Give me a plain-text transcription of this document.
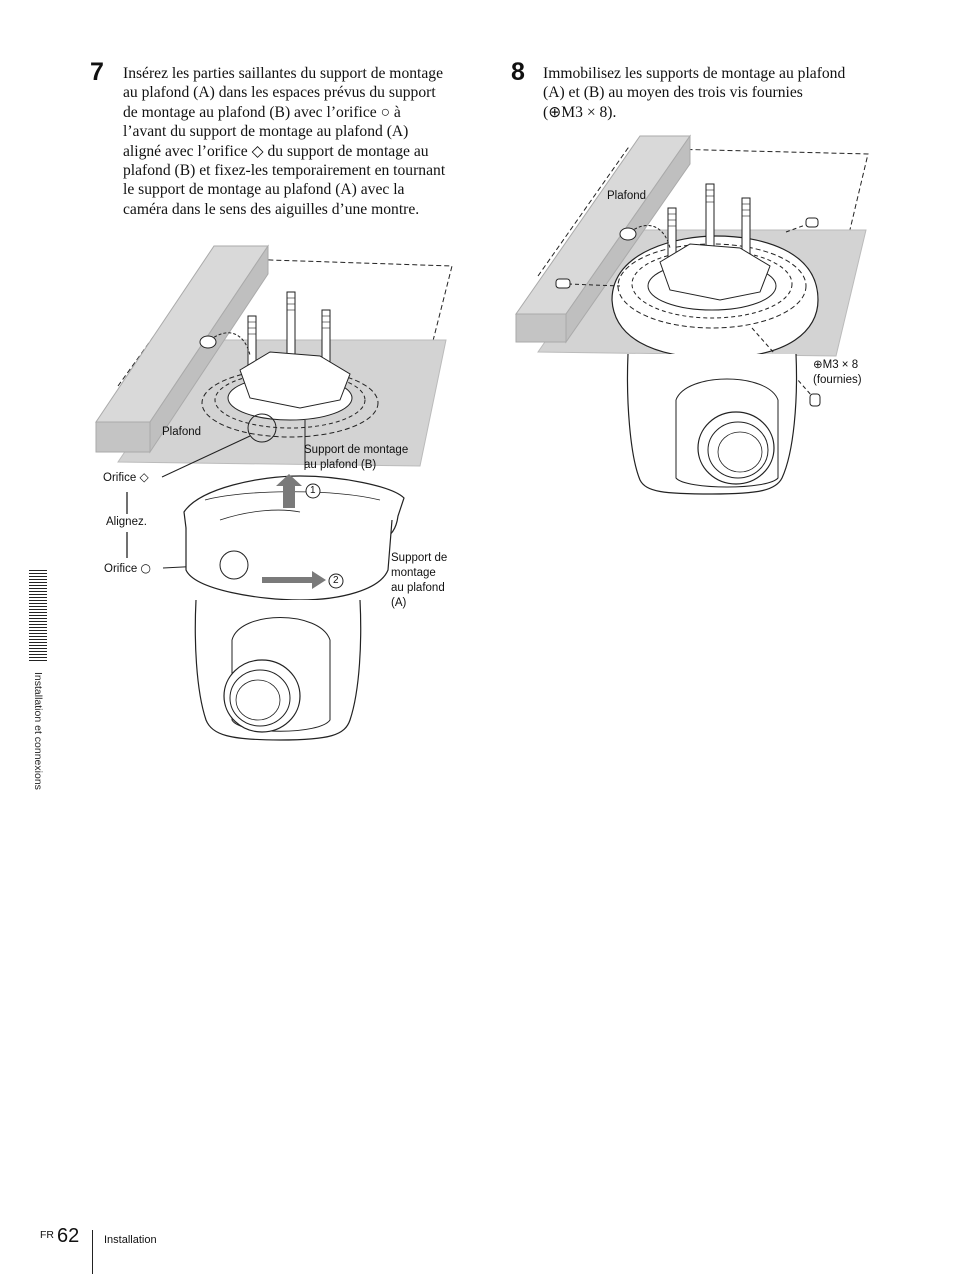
7 Insérez les parties saillantes du support de montage
au plafond (A) dans les espaces prévus du support
de montage au plafond (B) avec l’orifice ○ à
l’avant du support de montage au plafond (A)
aligné avec l’orifice ◇ du support de montage au
plafond (B) et fixez-les temporairement en tournant
le support de montage au plafond (A) avec la
caméra dans le sens des aiguilles d’une montre.
8 Immobilisez les supports de montage au plafond
(A) et (B) au moyen des trois vis fournies
(⊕M3 × 8).
Plafond
Support de montage
au plafond (B)
Orifice ◇
Alignez.
Orifice ○
Support de
montage
au plafond
(A)
1
2
Plafond
⊕M3 × 8
(fournies)
Installation et connexions
FR 62 Installation
